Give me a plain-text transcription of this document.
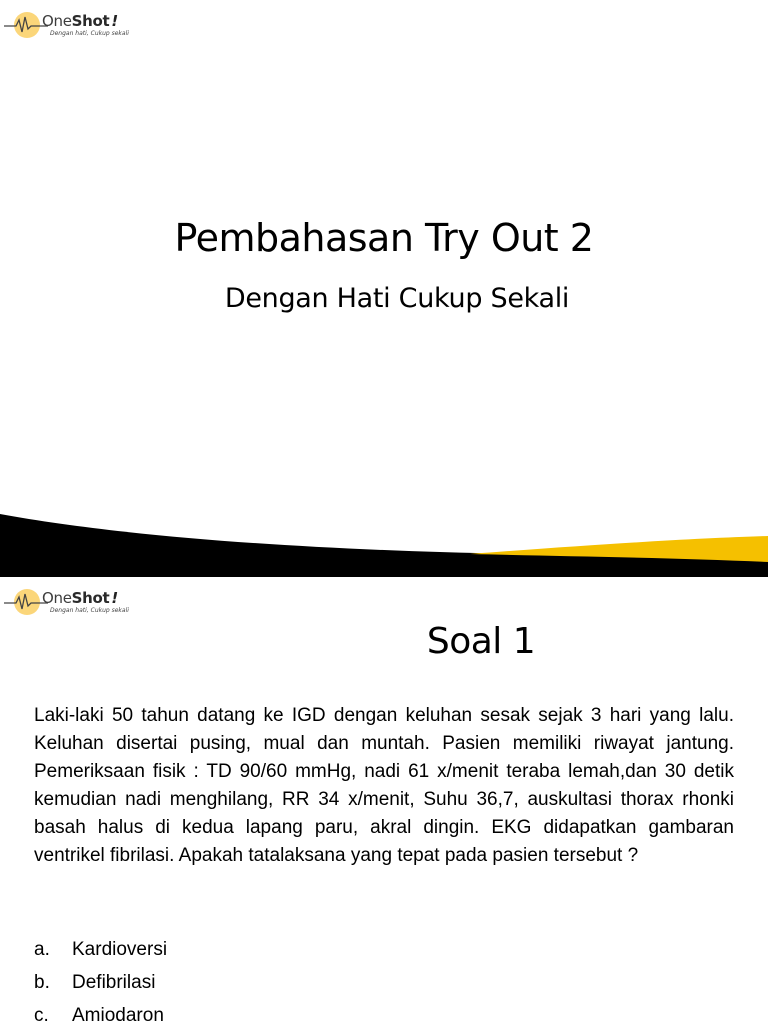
OneShot !
Dengan hati, Cukup sekali
Pembahasan Try Out 2
Dengan Hati Cukup Sekali
OneShot !
Dengan hati, Cukup sekali
Soal 1

Laki-laki 50 tahun datang ke IGD dengan keluhan sesak sejak 3 hari yang lalu. Keluhan disertai pusing, mual dan muntah. Pasien memiliki riwayat jantung. Pemeriksaan fisik : TD 90/60 mmHg, nadi 61 x/menit teraba lemah,dan 30 detik kemudian nadi menghilang, RR 34 x/menit, Suhu 36,7, auskultasi thorax rhonki basah halus di kedua lapang paru, akral dingin. EKG didapatkan gambaran ventrikel fibrilasi. Apakah tatalaksana yang tepat pada pasien tersebut ?

a. Kardioversi
b. Defibrilasi
c. Amiodaron
